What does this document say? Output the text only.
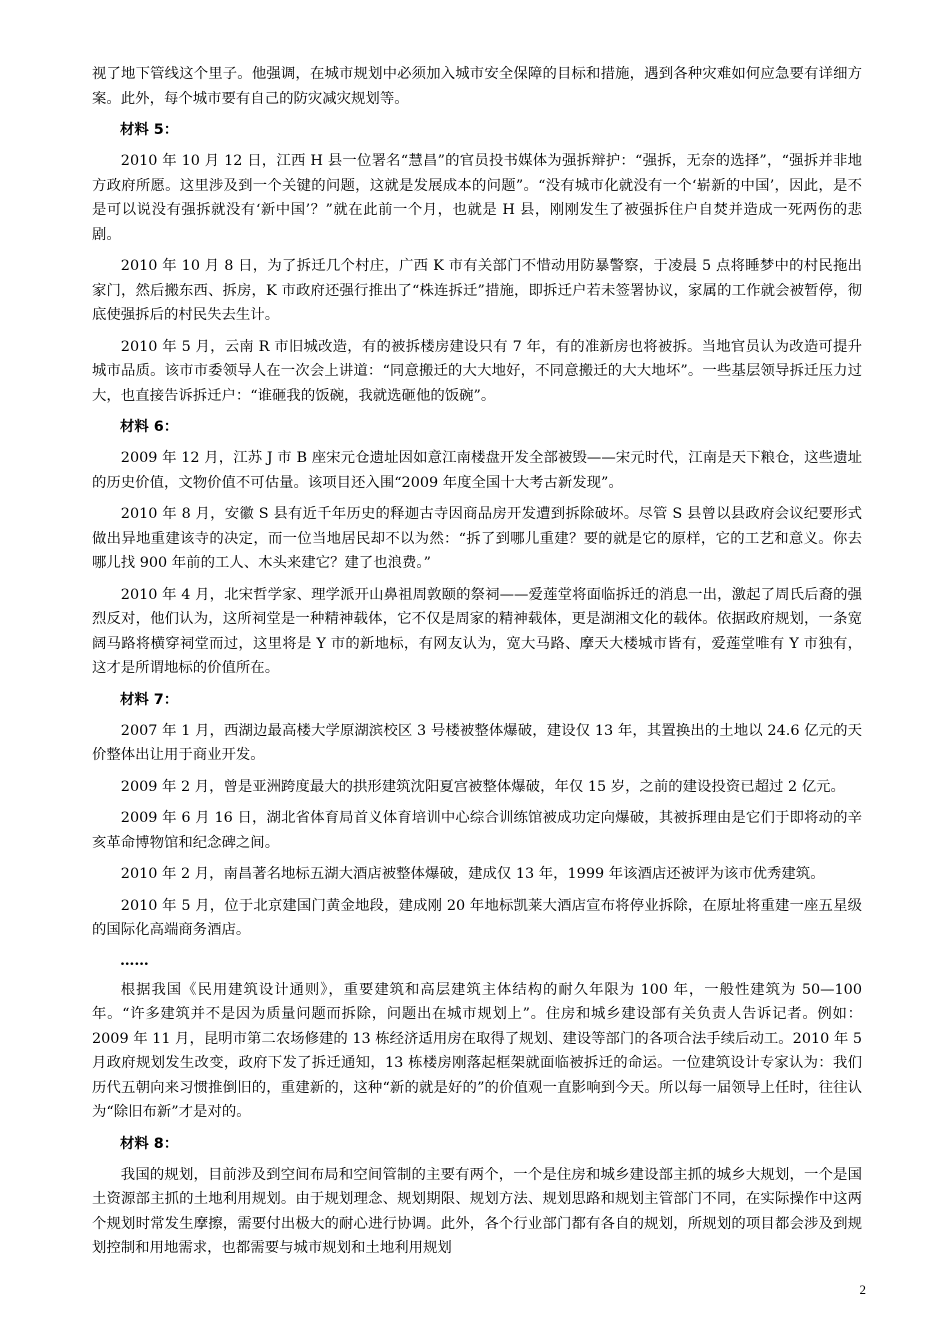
视了地下管线这个里子。他强调，在城市规划中必须加入城市安全保障的目标和措施，遇到各种灾难如何应急要有详细方案。此外，每个城市要有自己的防灾减灾规划等。

材料 5：

2010 年 10 月 12 日，江西 H 县一位署名“慧昌”的官员投书媒体为强拆辩护：“强拆，无奈的选择”，“强拆并非地方政府所愿。这里涉及到一个关键的问题，这就是发展成本的问题”。“没有城市化就没有一个‘崭新的中国’，因此，是不是可以说没有强拆就没有‘新中国’？”就在此前一个月，也就是 H 县，刚刚发生了被强拆住户自焚并造成一死两伤的悲剧。

2010 年 10 月 8 日，为了拆迁几个村庄，广西 K 市有关部门不惜动用防暴警察，于凌晨 5 点将睡梦中的村民拖出家门，然后搬东西、拆房，K 市政府还强行推出了“株连拆迁”措施，即拆迁户若未签署协议，家属的工作就会被暂停，彻底使强拆后的村民失去生计。

2010 年 5 月，云南 R 市旧城改造，有的被拆楼房建设只有 7 年，有的准新房也将被拆。当地官员认为改造可提升城市品质。该市市委领导人在一次会上讲道：“同意搬迁的大大地好，不同意搬迁的大大地坏”。一些基层领导拆迁压力过大，也直接告诉拆迁户：“谁砸我的饭碗，我就选砸他的饭碗”。

材料 6：

2009 年 12 月，江苏 J 市 B 座宋元仓遗址因如意江南楼盘开发全部被毁——宋元时代，江南是天下粮仓，这些遗址的历史价值，文物价值不可估量。该项目还入围“2009 年度全国十大考古新发现”。

2010 年 8 月，安徽 S 县有近千年历史的释迦古寺因商品房开发遭到拆除破坏。尽管 S 县曾以县政府会议纪要形式做出异地重建该寺的决定，而一位当地居民却不以为然：“拆了到哪儿重建？要的就是它的原样，它的工艺和意义。你去哪儿找 900 年前的工人、木头来建它？建了也浪费。”

2010 年 4 月，北宋哲学家、理学派开山鼻祖周敦颐的祭祠——爱莲堂将面临拆迁的消息一出，激起了周氏后裔的强烈反对，他们认为，这所祠堂是一种精神载体，它不仅是周家的精神载体，更是湖湘文化的载体。依据政府规划，一条宽阔马路将横穿祠堂而过，这里将是 Y 市的新地标，有网友认为，宽大马路、摩天大楼城市皆有，爱莲堂唯有 Y 市独有，这才是所谓地标的价值所在。

材料 7：

2007 年 1 月，西湖边最高楼大学原湖滨校区 3 号楼被整体爆破，建设仅 13 年，其置换出的土地以 24.6 亿元的天价整体出让用于商业开发。

2009 年 2 月，曾是亚洲跨度最大的拱形建筑沈阳夏宫被整体爆破，年仅 15 岁，之前的建设投资已超过 2 亿元。

2009 年 6 月 16 日，湖北省体育局首义体育培训中心综合训练馆被成功定向爆破，其被拆理由是它们于即将动的辛亥革命博物馆和纪念碑之间。

2010 年 2 月，南昌著名地标五湖大酒店被整体爆破，建成仅 13 年，1999 年该酒店还被评为该市优秀建筑。

2010 年 5 月，位于北京建国门黄金地段，建成刚 20 年地标凯莱大酒店宣布将停业拆除，在原址将重建一座五星级的国际化高端商务酒店。

……

根据我国《民用建筑设计通则》，重要建筑和高层建筑主体结构的耐久年限为 100 年，一般性建筑为 50—100 年。“许多建筑并不是因为质量问题而拆除，问题出在城市规划上”。住房和城乡建设部有关负责人告诉记者。例如：2009 年 11 月，昆明市第二农场修建的 13 栋经济适用房在取得了规划、建设等部门的各项合法手续后动工。2010 年 5 月政府规划发生改变，政府下发了拆迁通知，13 栋楼房刚落起框架就面临被拆迁的命运。一位建筑设计专家认为：我们历代五朝向来习惯推倒旧的，重建新的，这种“新的就是好的”的价值观一直影响到今天。所以每一届领导上任时，往往认为“除旧布新”才是对的。

材料 8：

我国的规划，目前涉及到空间布局和空间管制的主要有两个，一个是住房和城乡建设部主抓的城乡大规划，一个是国土资源部主抓的土地利用规划。由于规划理念、规划期限、规划方法、规划思路和规划主管部门不同，在实际操作中这两个规划时常发生摩擦，需要付出极大的耐心进行协调。此外，各个行业部门都有各自的规划，所规划的项目都会涉及到规划控制和用地需求，也都需要与城市规划和土地利用规划

2
